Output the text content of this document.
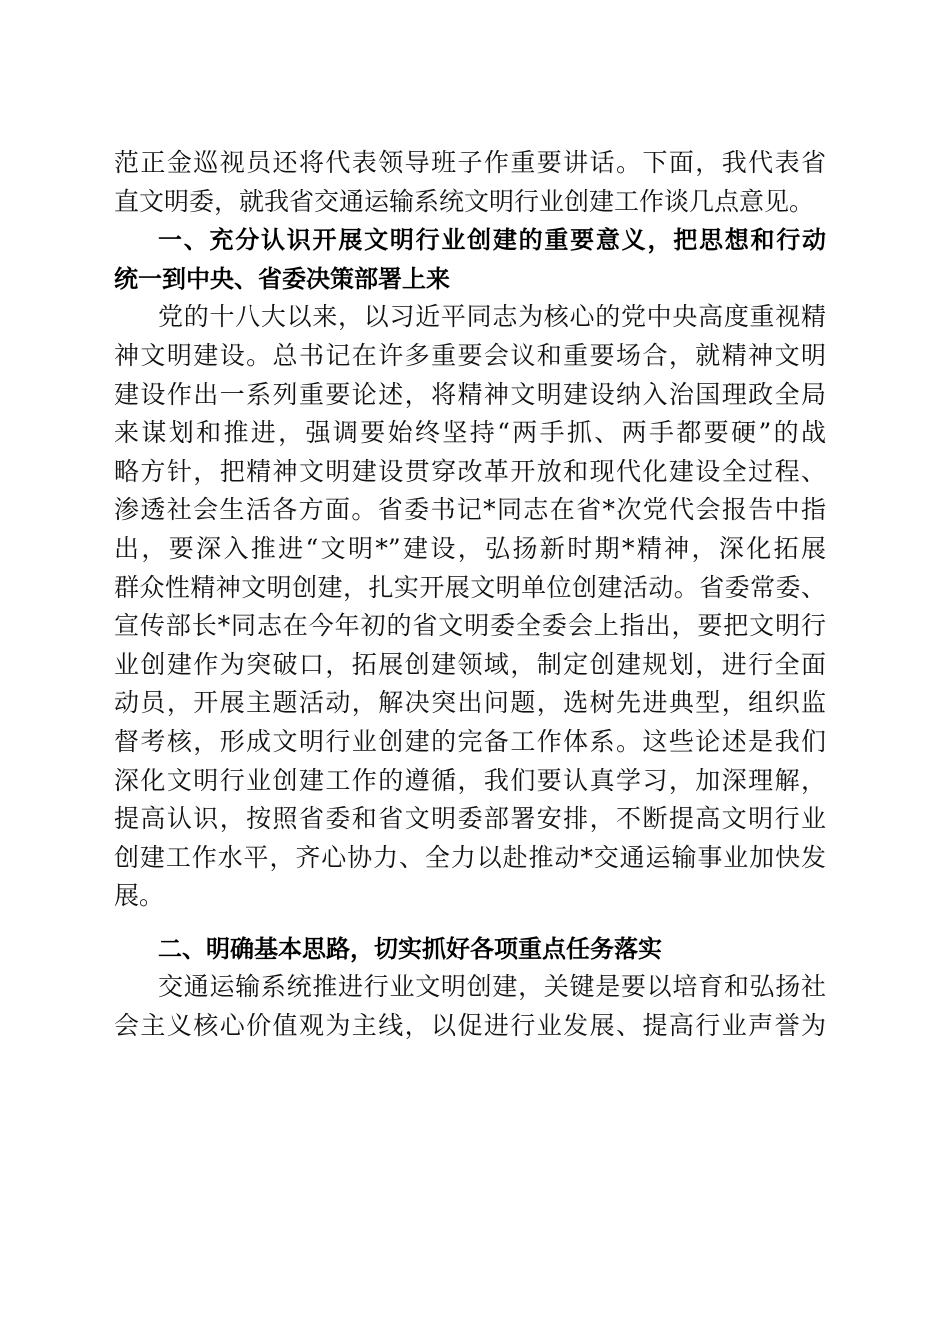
范正金巡视员还将代表领导班子作重要讲话。下面，我代表省
直文明委，就我省交通运输系统文明行业创建工作谈几点意见。
一、充分认识开展文明行业创建的重要意义，把思想和行动
统一到中央、省委决策部署上来
党的十八大以来，以习近平同志为核心的党中央高度重视精
神文明建设。总书记在许多重要会议和重要场合，就精神文明
建设作出一系列重要论述，将精神文明建设纳入治国理政全局
来谋划和推进，强调要始终坚持“两手抓、两手都要硬”的战
略方针，把精神文明建设贯穿改革开放和现代化建设全过程、
渗透社会生活各方面。省委书记*同志在省*次党代会报告中指
出，要深入推进“文明*”建设，弘扬新时期*精神，深化拓展
群众性精神文明创建，扎实开展文明单位创建活动。省委常委、
宣传部长*同志在今年初的省文明委全委会上指出，要把文明行
业创建作为突破口，拓展创建领域，制定创建规划，进行全面
动员，开展主题活动，解决突出问题，选树先进典型，组织监
督考核，形成文明行业创建的完备工作体系。这些论述是我们
深化文明行业创建工作的遵循，我们要认真学习，加深理解，
提高认识，按照省委和省文明委部署安排，不断提高文明行业
创建工作水平，齐心协力、全力以赴推动*交通运输事业加快发
展。
二、明确基本思路，切实抓好各项重点任务落实
交通运输系统推进行业文明创建，关键是要以培育和弘扬社
会主义核心价值观为主线，以促进行业发展、提高行业声誉为
